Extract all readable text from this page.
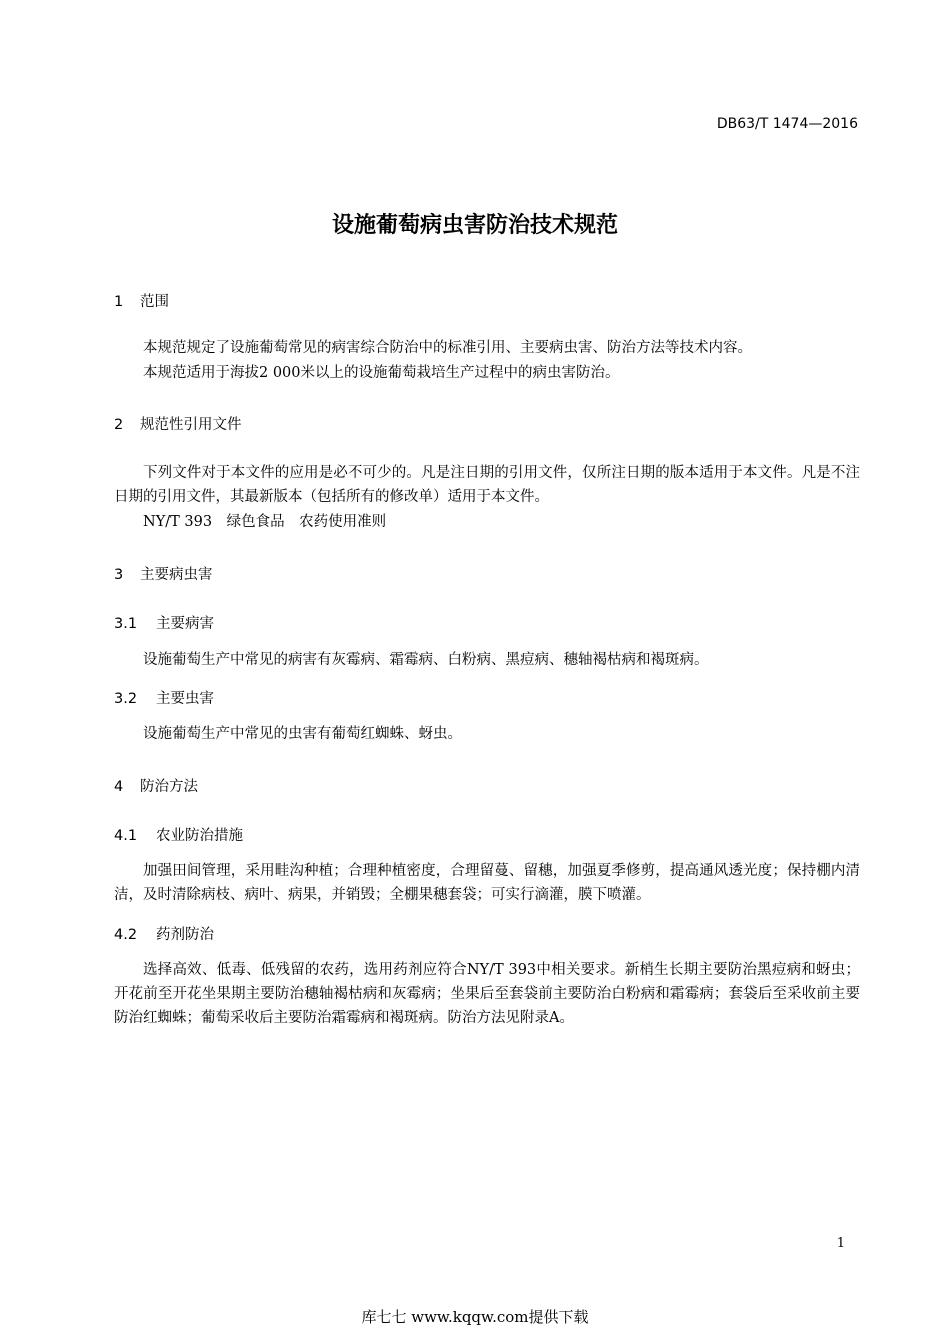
DB63/T 1474—2016
设施葡萄病虫害防治技术规范
1 范围
本规范规定了设施葡萄常见的病害综合防治中的标准引用、主要病虫害、防治方法等技术内容。
本规范适用于海拔2 000米以上的设施葡萄栽培生产过程中的病虫害防治。
2 规范性引用文件
下列文件对于本文件的应用是必不可少的。凡是注日期的引用文件，仅所注日期的版本适用于本文件。凡是不注日期的引用文件，其最新版本（包括所有的修改单）适用于本文件。
NY/T 393　绿色食品　农药使用准则
3 主要病虫害
3.1 主要病害
设施葡萄生产中常见的病害有灰霉病、霜霉病、白粉病、黑痘病、穗轴褐枯病和褐斑病。
3.2 主要虫害
设施葡萄生产中常见的虫害有葡萄红蜘蛛、蚜虫。
4 防治方法
4.1 农业防治措施
加强田间管理，采用畦沟种植；合理种植密度，合理留蔓、留穗，加强夏季修剪，提高通风透光度；保持棚内清洁，及时清除病枝、病叶、病果，并销毁；全棚果穗套袋；可实行滴灌，膜下喷灌。
4.2 药剂防治
选择高效、低毒、低残留的农药，选用药剂应符合NY/T 393中相关要求。新梢生长期主要防治黑痘病和蚜虫；开花前至开花坐果期主要防治穗轴褐枯病和灰霉病；坐果后至套袋前主要防治白粉病和霜霉病；套袋后至采收前主要防治红蜘蛛；葡萄采收后主要防治霜霉病和褐斑病。防治方法见附录A。
1
库七七 www.kqqw.com提供下载
